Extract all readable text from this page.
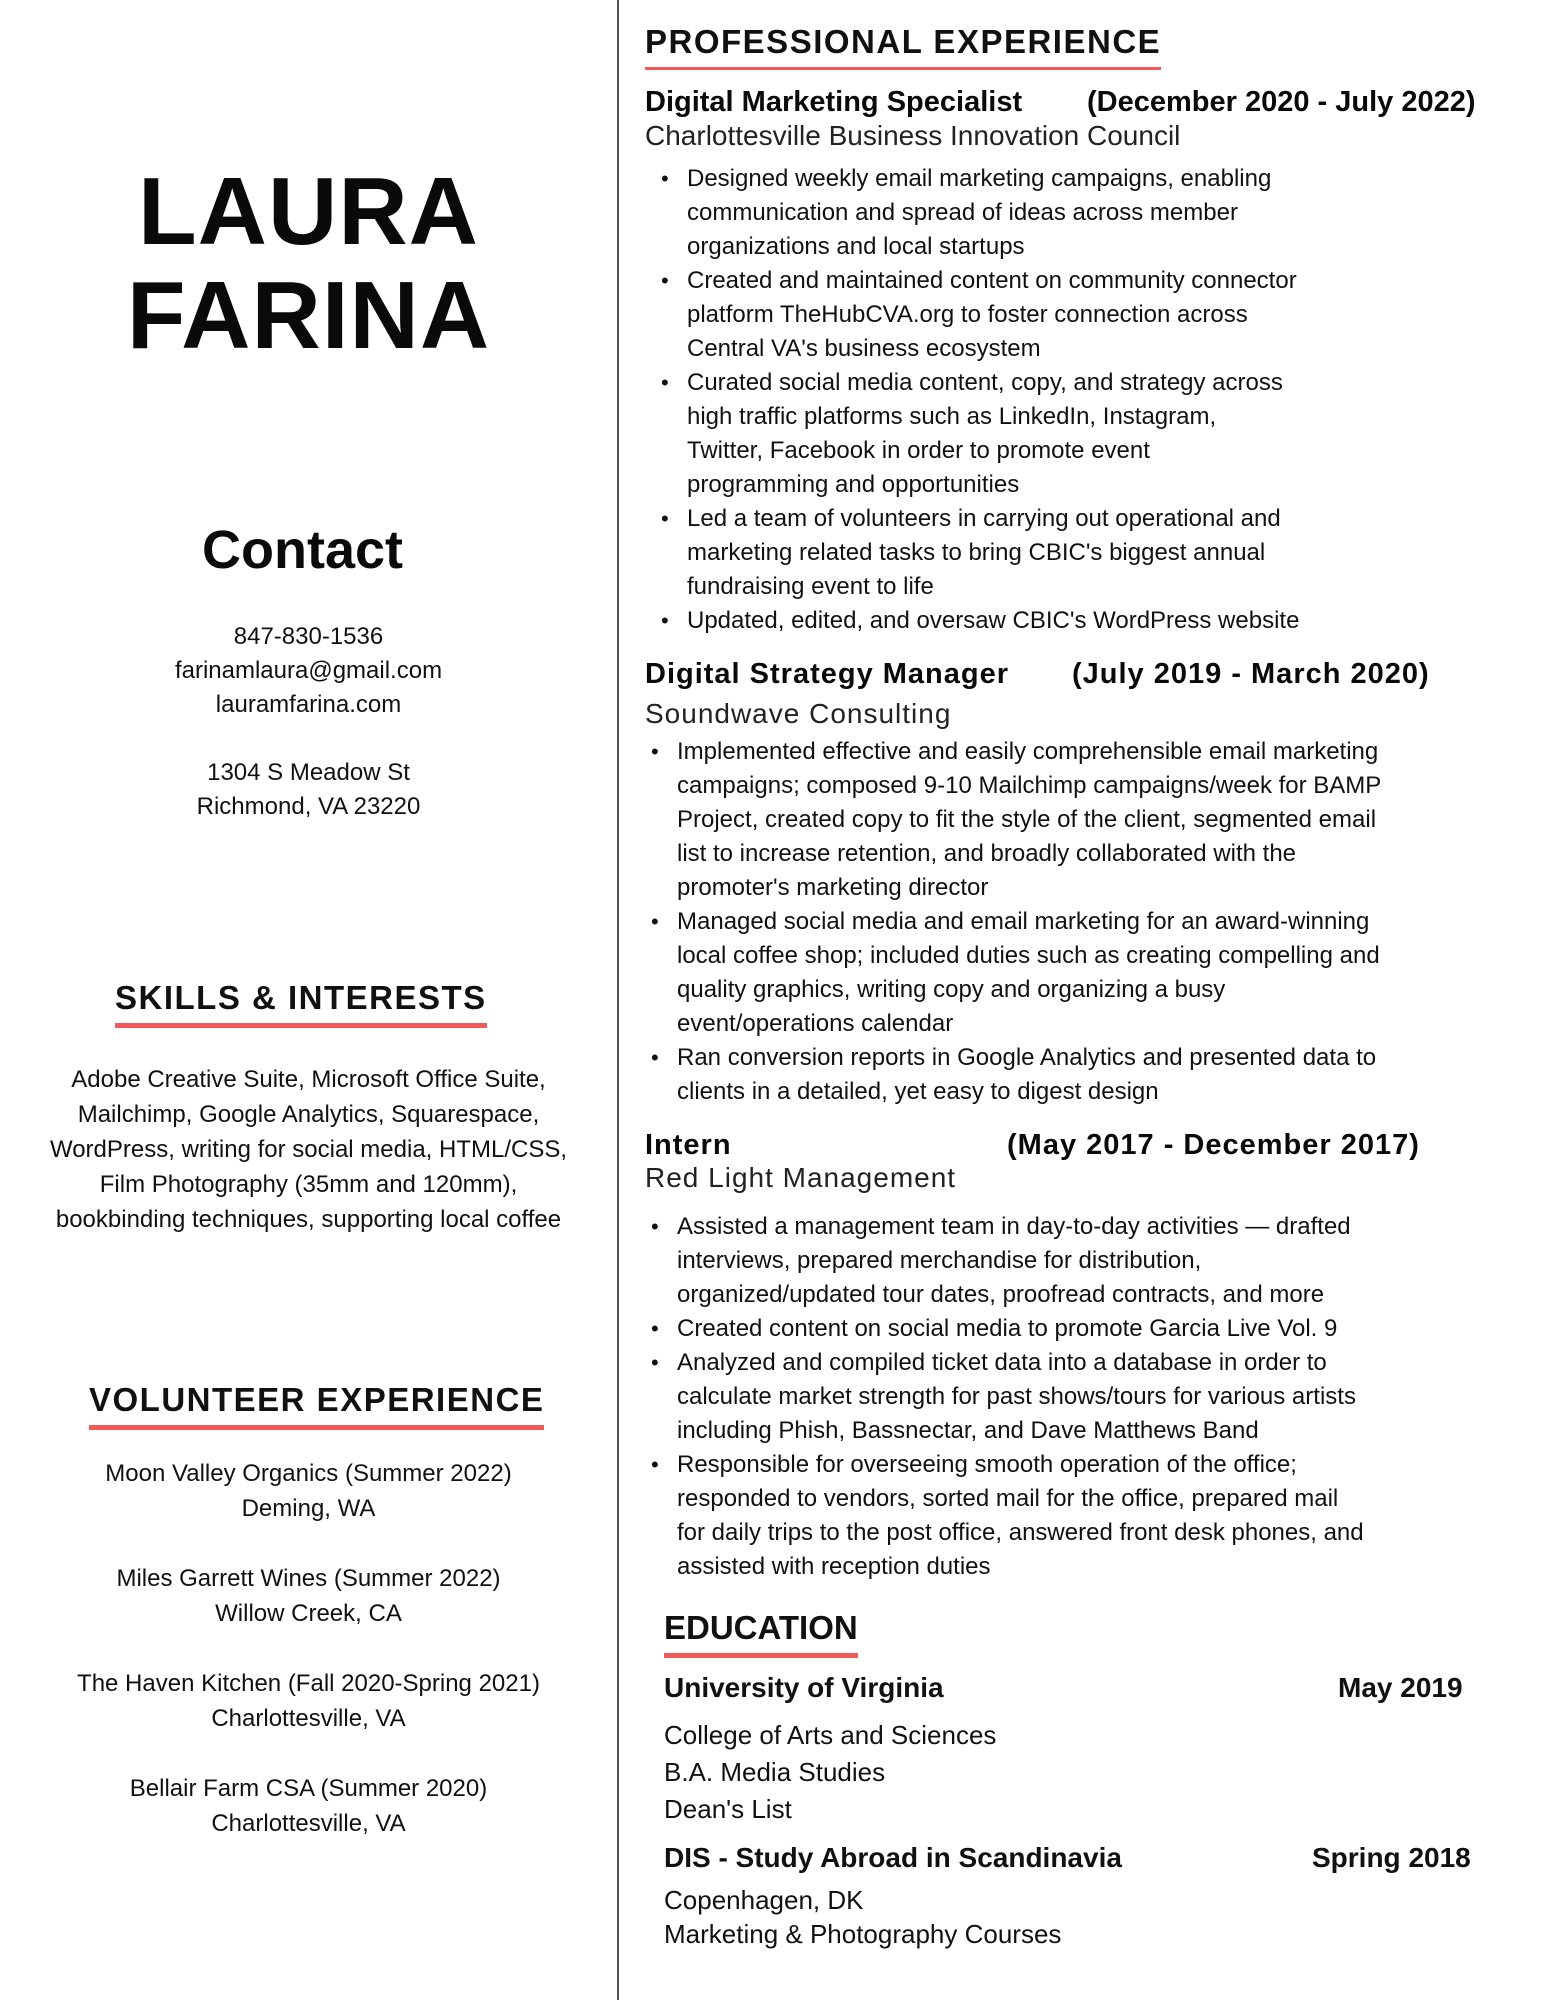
LAURA
FARINA
Contact
847-830-1536
farinamlaura@gmail.com
lauramfarina.com
1304 S Meadow St
Richmond, VA 23220
SKILLS & INTERESTS
Adobe Creative Suite, Microsoft Office Suite,
Mailchimp, Google Analytics, Squarespace,
WordPress, writing for social media, HTML/CSS,
Film Photography (35mm and 120mm),
bookbinding techniques, supporting local coffee
VOLUNTEER EXPERIENCE
Moon Valley Organics (Summer 2022)
Deming, WA
Miles Garrett Wines (Summer 2022)
Willow Creek, CA
The Haven Kitchen (Fall 2020-Spring 2021)
Charlottesville, VA
Bellair Farm CSA (Summer 2020)
Charlottesville, VA
PROFESSIONAL EXPERIENCE
Digital Marketing Specialist (December 2020 - July 2022)
Charlottesville Business Innovation Council
• Designed weekly email marketing campaigns, enabling
communication and spread of ideas across member
organizations and local startups
• Created and maintained content on community connector
platform TheHubCVA.org to foster connection across
Central VA's business ecosystem
• Curated social media content, copy, and strategy across
high traffic platforms such as LinkedIn, Instagram,
Twitter, Facebook in order to promote event
programming and opportunities
• Led a team of volunteers in carrying out operational and
marketing related tasks to bring CBIC's biggest annual
fundraising event to life
• Updated, edited, and oversaw CBIC's WordPress website
Digital Strategy Manager (July 2019 - March 2020)
Soundwave Consulting
• Implemented effective and easily comprehensible email marketing
campaigns; composed 9-10 Mailchimp campaigns/week for BAMP
Project, created copy to fit the style of the client, segmented email
list to increase retention, and broadly collaborated with the
promoter's marketing director
• Managed social media and email marketing for an award-winning
local coffee shop; included duties such as creating compelling and
quality graphics, writing copy and organizing a busy
event/operations calendar
• Ran conversion reports in Google Analytics and presented data to
clients in a detailed, yet easy to digest design
Intern	(May 2017 - December 2017)
Red Light Management
• Assisted a management team in day-to-day activities — drafted
interviews, prepared merchandise for distribution,
organized/updated tour dates, proofread contracts, and more
• Created content on social media to promote Garcia Live Vol. 9
• Analyzed and compiled ticket data into a database in order to
calculate market strength for past shows/tours for various artists
including Phish, Bassnectar, and Dave Matthews Band
• Responsible for overseeing smooth operation of the office;
responded to vendors, sorted mail for the office, prepared mail
for daily trips to the post office, answered front desk phones, and
assisted with reception duties
EDUCATION
University of Virginia	May 2019
College of Arts and Sciences
B.A. Media Studies
Dean's List
DIS - Study Abroad in Scandinavia	Spring 2018
Copenhagen, DK
Marketing & Photography Courses
